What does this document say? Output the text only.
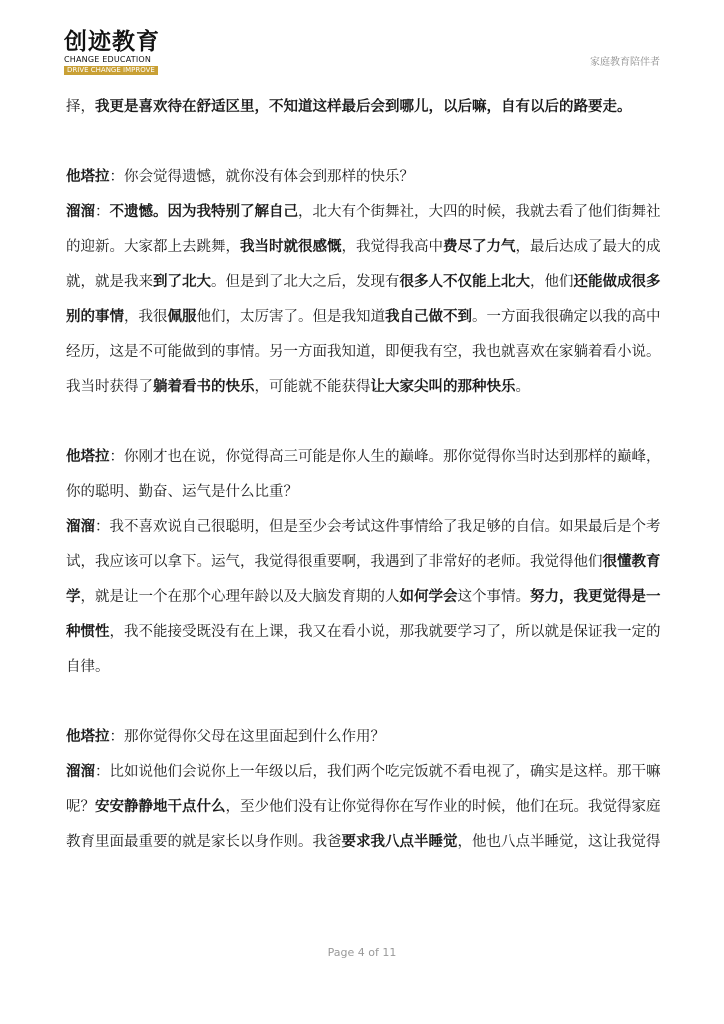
创迹教育
CHANGE EDUCATION
DRIVE CHANGE IMPROVE
家庭教育陪伴者

择，我更是喜欢待在舒适区里，不知道这样最后会到哪儿，以后嘛，自有以后的路要走。

他塔拉：你会觉得遗憾，就你没有体会到那样的快乐？

溜溜：不遗憾。因为我特别了解自己，北大有个街舞社，大四的时候，我就去看了他们街舞社的迎新。大家都上去跳舞，我当时就很感慨，我觉得我高中费尽了力气，最后达成了最大的成就，就是我来到了北大。但是到了北大之后，发现有很多人不仅能上北大，他们还能做成很多别的事情，我很佩服他们，太厉害了。但是我知道我自己做不到。一方面我很确定以我的高中经历，这是不可能做到的事情。另一方面我知道，即便我有空，我也就喜欢在家躺着看小说。我当时获得了躺着看书的快乐，可能就不能获得让大家尖叫的那种快乐。

他塔拉：你刚才也在说，你觉得高三可能是你人生的巅峰。那你觉得你当时达到那样的巅峰，你的聪明、勤奋、运气是什么比重？

溜溜：我不喜欢说自己很聪明，但是至少会考试这件事情给了我足够的自信。如果最后是个考试，我应该可以拿下。运气，我觉得很重要啊，我遇到了非常好的老师。我觉得他们很懂教育学，就是让一个在那个心理年龄以及大脑发育期的人如何学会这个事情。努力，我更觉得是一种惯性，我不能接受既没有在上课，我又在看小说，那我就要学习了，所以就是保证我一定的自律。

他塔拉：那你觉得你父母在这里面起到什么作用？

溜溜：比如说他们会说你上一年级以后，我们两个吃完饭就不看电视了，确实是这样。那干嘛呢？安安静静地干点什么，至少他们没有让你觉得你在写作业的时候，他们在玩。我觉得家庭教育里面最重要的就是家长以身作则。我爸要求我八点半睡觉，他也八点半睡觉，这让我觉得

Page 4 of 11
